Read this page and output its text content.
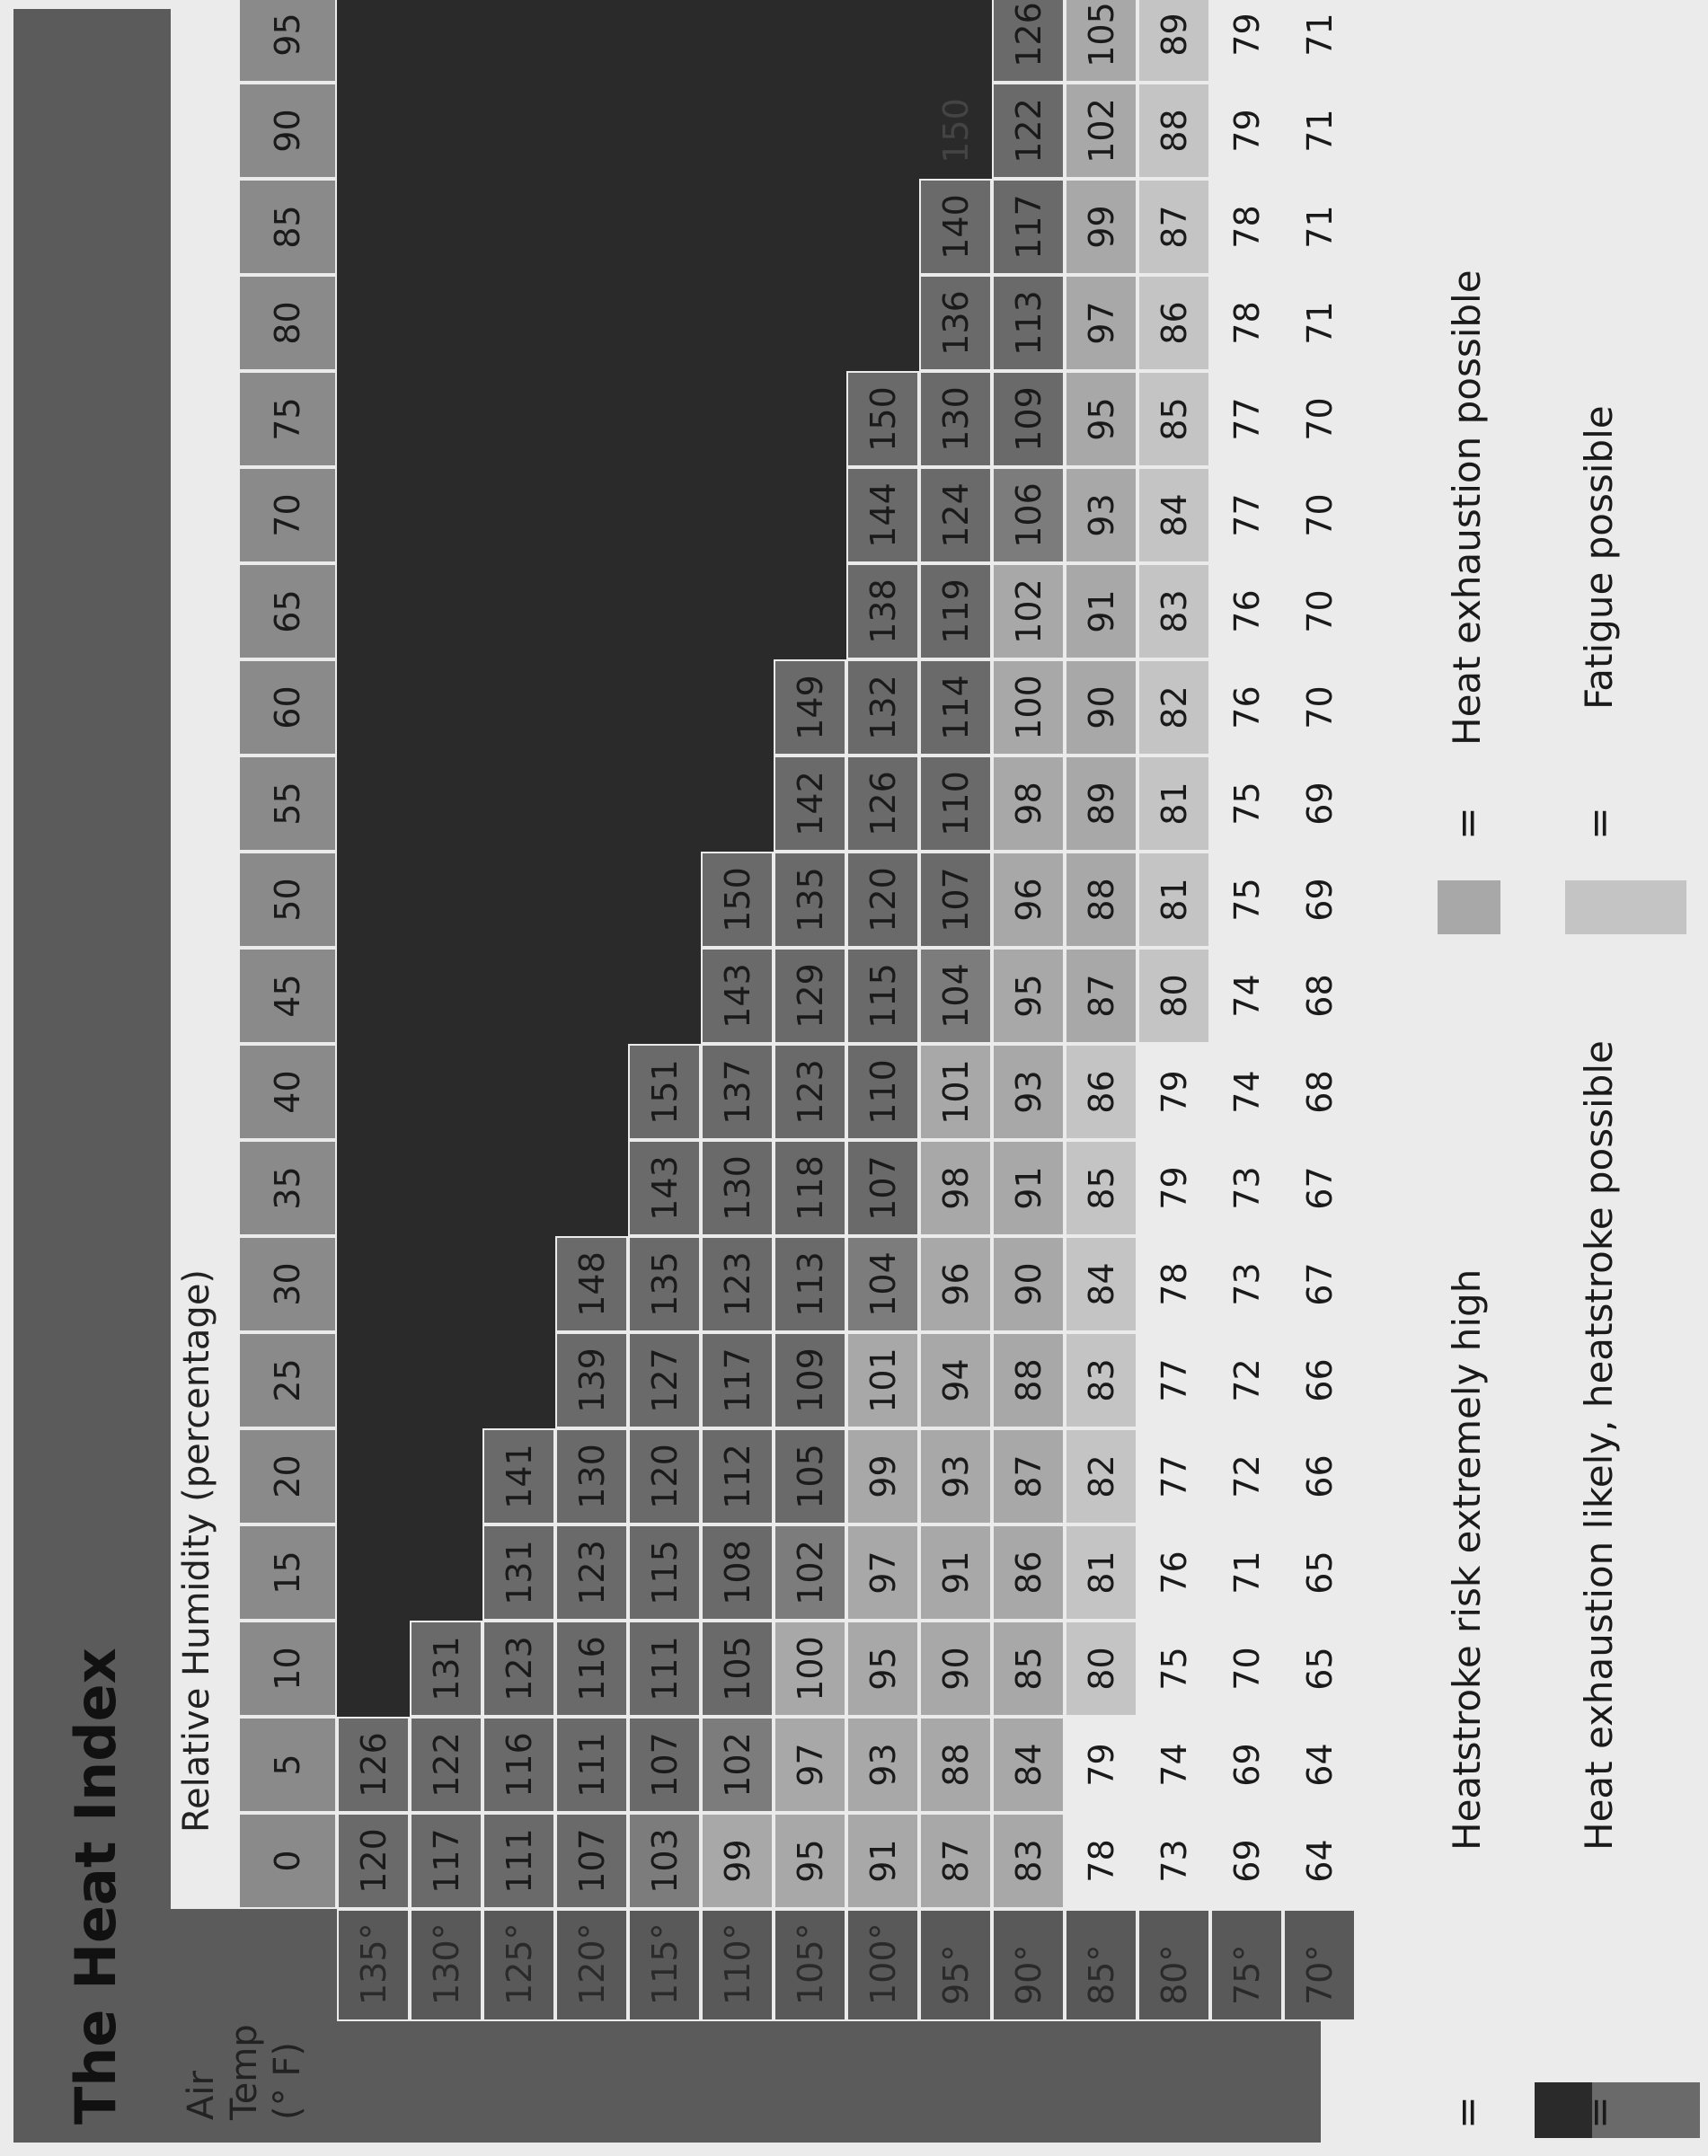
The Heat Index Air Temp (° F)
Relative Humidity (percentage)
0
5
10
15
20
25
30
35
40
45
50
55
60
65
70
75
80
85
90
95
135°
120
126
130°
117
122
131
125°
111
116
123
131
141
120°
107
111
116
123
130
139
148
115°
103
107
111
115
120
127
135
143
151
110°
99
102
105
108
112
117
123
130
137
143
150
105°
95
97
100
102
105
109
113
118
123
129
135
142
149
100°
91
93
95
97
99
101
104
107
110
115
120
126
132
138
144
150
95°
87
88
90
91
93
94
96
98
101
104
107
110
114
119
124
130
136
140
150
90°
83
84
85
86
87
88
90
91
93
95
96
98
100
102
106
109
113
117
122
126
85°
78
79
80
81
82
83
84
85
86
87
88
89
90
91
93
95
97
99
102
105
80°
73
74
75
76
77
77
78
79
79
80
81
81
82
83
84
85
86
87
88
89
75°
69
69
70
71
72
72
73
73
74
74
75
75
76
76
77
77
78
78
79
79
70°
64
64
65
65
66
66
67
67
68
68
69
69
70
70
70
70
71
71
71
71
=
Heatstroke risk extremely high
=
Heat exhaustion likely, heatstroke possible
=
Heat exhaustion possible
=
Fatigue possible
